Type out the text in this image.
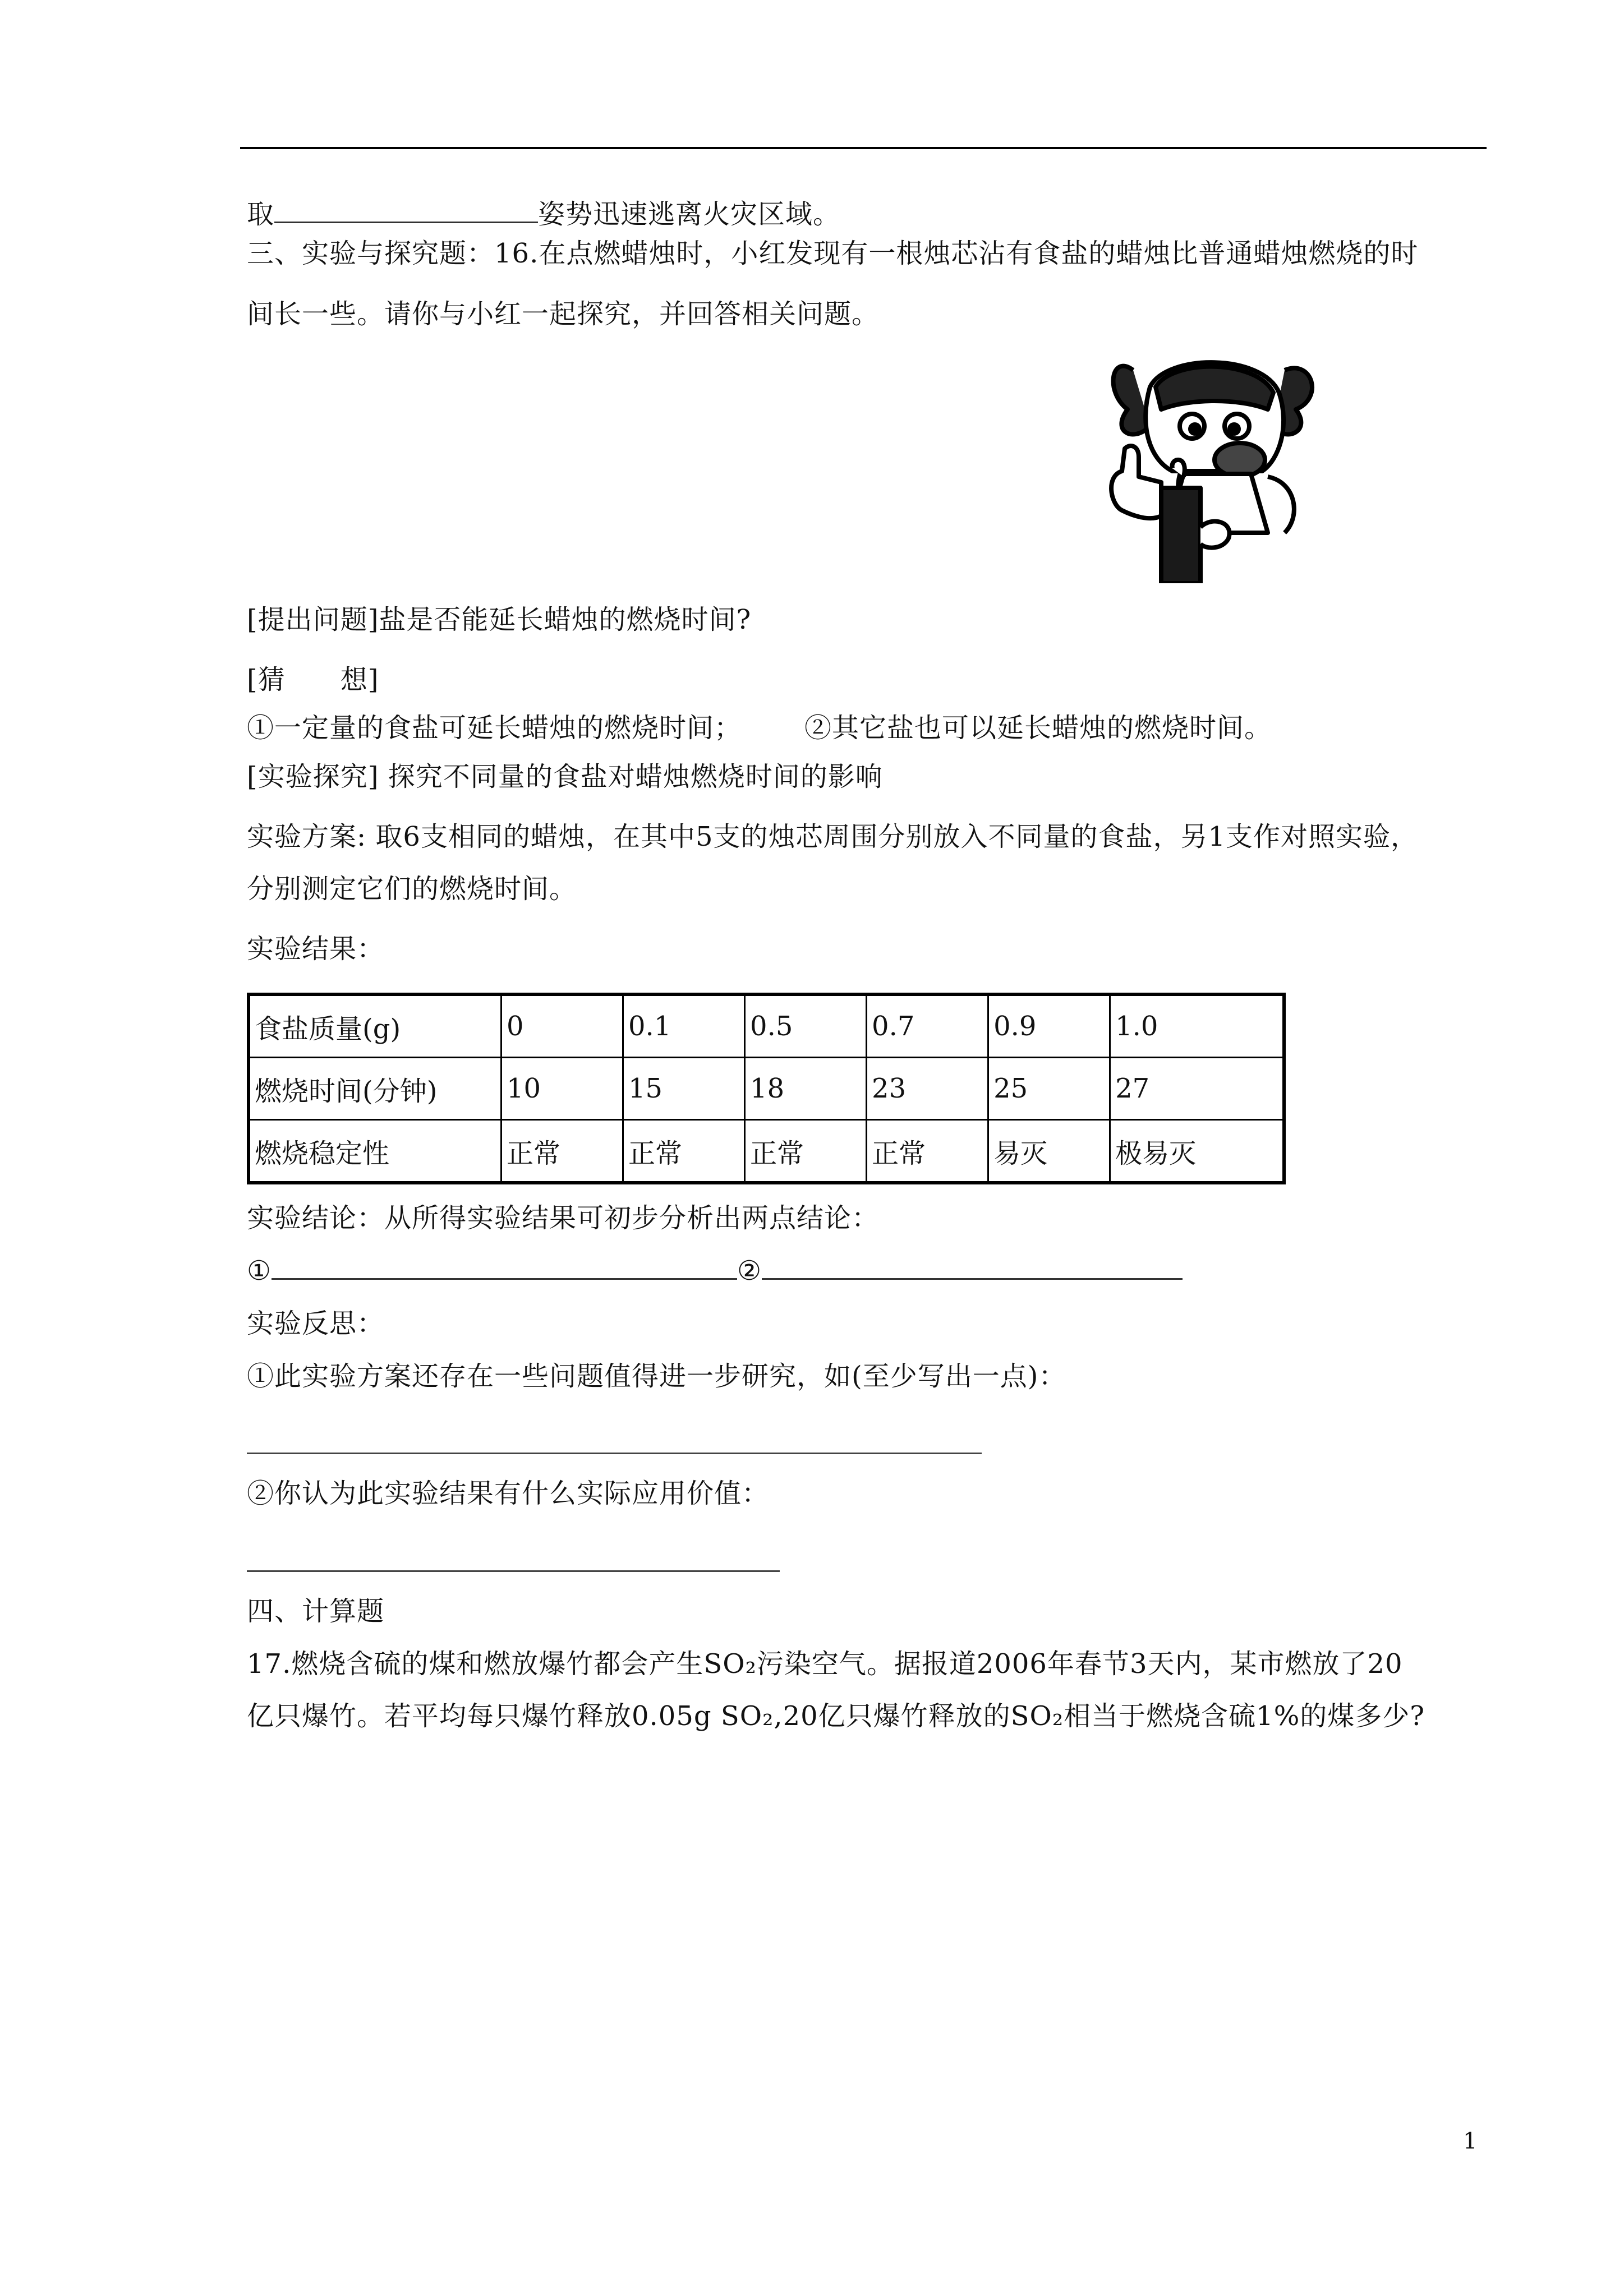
取	姿势迅速逃离火灾区域。
三、实验与探究题：16.在点燃蜡烛时，小红发现有一根烛芯沾有食盐的蜡烛比普通蜡烛燃烧的时
间长一些。请你与小红一起探究，并回答相关问题。
[提出问题]盐是否能延长蜡烛的燃烧时间?
[猜　　想]
①一定量的食盐可延长蜡烛的燃烧时间； ②其它盐也可以延长蜡烛的燃烧时间。
[实验探究] 探究不同量的食盐对蜡烛燃烧时间的影响
实验方案: 取6支相同的蜡烛，在其中5支的烛芯周围分别放入不同量的食盐，另1支作对照实验，
分别测定它们的燃烧时间。
实验结果：
食盐质量(g)	0	0.1	0.5	0.7	0.9	1.0
燃烧时间(分钟)	10	15	18	23	25	27
燃烧稳定性	正常	正常	正常	正常	易灭	极易灭
实验结论：从所得实验结果可初步分析出两点结论：
①	②
实验反思：
①此实验方案还存在一些问题值得进一步研究，如(至少写出一点)：
②你认为此实验结果有什么实际应用价值：
四、计算题
17.燃烧含硫的煤和燃放爆竹都会产生SO₂污染空气。据报道2006年春节3天内，某市燃放了20
亿只爆竹。若平均每只爆竹释放0.05g SO₂,20亿只爆竹释放的SO₂相当于燃烧含硫1%的煤多少?
1
